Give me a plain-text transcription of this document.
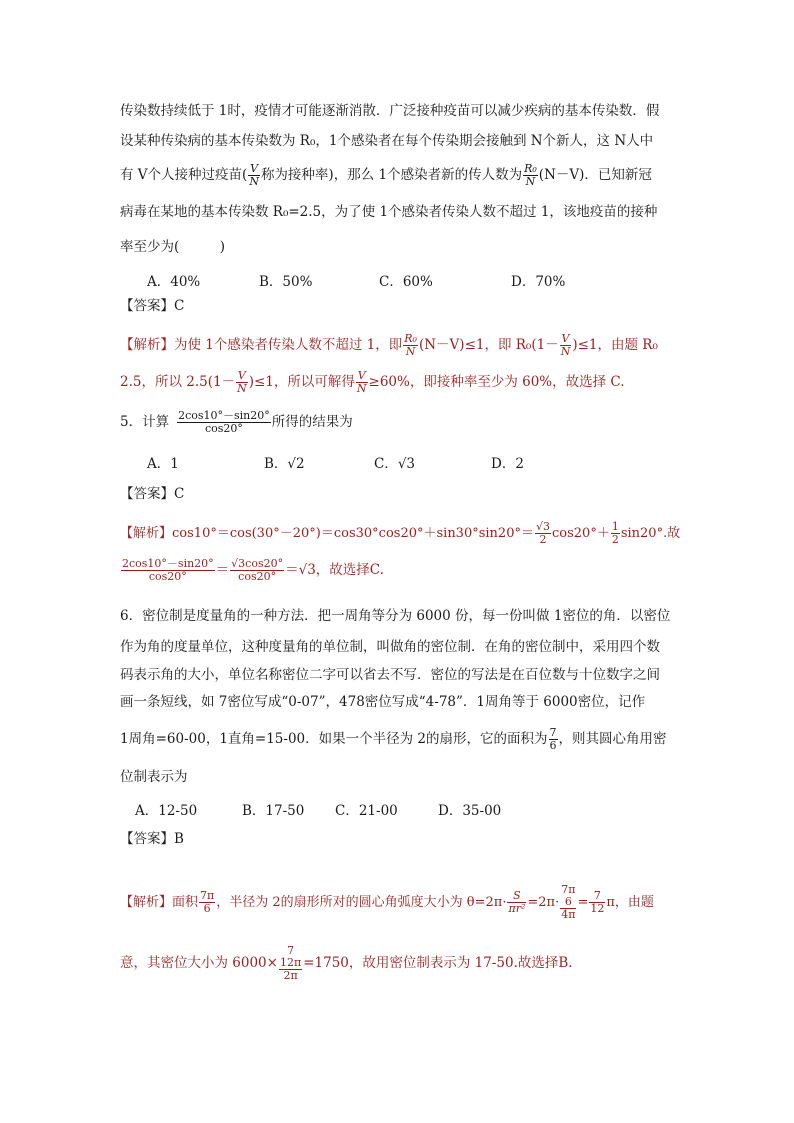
传染数持续低于 1时，疫情才可能逐渐消散．广泛接种疫苗可以减少疾病的基本传染数．假
设某种传染病的基本传染数为 R₀，1个感染者在每个传染期会接触到 N个新人，这 N人中
有 V个人接种过疫苗( $\frac{V}{N}$ 称为接种率)，那么 1个感染者新的传人数为 $\frac{\text{R₀}}{N} (N-V)$．已知新冠
病毒在某地的基本传染数 R₀=2.5，为了使 1个感染者传染人数不超过 1，该地疫苗的接种
率至少为(　　　)
A．40%	B．50%	C．60%	D．70%
【答案】C
【解析】为使 1个感染者传染人数不超过 1，即 $\frac{\text{R₀}}{N} (N-V)\le 1$，即 $R_0(1- \frac{V}{N} )\le 1$，由题 R₀
2.5，所以 $2.5(1- \frac{V}{N} )\le 1$，所以可解得 $\frac{V}{N} \ge 60\%$，即接种率至少为 60%，故选择 C.
5．计算 $\frac{2\cos 10^\circ-\sin 20^\circ}{\cos 20^\circ}$ 所得的结果为
A．1	B．√2	C．√3	D．2
【答案】C
【解析】$\cos 10^\circ=\cos(30^\circ-20^\circ)=\cos 30^\circ\cos 20^\circ+\sin 30^\circ\sin 20^\circ= \frac{√3}{2} \cos 20^\circ+ \frac{1}{2} \sin 20^\circ$.故
$\frac{2\cos 10^\circ-\sin 20^\circ}{\cos 20^\circ} = \frac{√3\cos 20^\circ}{\cos 20^\circ} =√3$，故选择C.
6．密位制是度量角的一种方法．把一周角等分为 6000 份，每一份叫做 1密位的角．以密位
作为角的度量单位，这种度量角的单位制，叫做角的密位制．在角的密位制中，采用四个数
码表示角的大小，单位名称密位二字可以省去不写．密位的写法是在百位数与十位数字之间
画一条短线，如 7密位写成“0-07”，478密位写成“4-78”．1周角等于 6000密位，记作
1周角=60-00，1直角=15-00．如果一个半径为 2的扇形，它的面积为 $\frac{7}{6}$ ，则其圆心角用密
位制表示为
A．12-50	B．17-50 C．21-00	D．35-00
【答案】B
【解析】面积 $\frac{7\pi}{6}$ ，半径为 2的扇形所对的圆心角弧度大小为 $\theta=2\pi\cdot \frac{S}{\text{πr²}} =2\pi\cdot 7\pi$
6
$4\pi = \frac{7}{12}$ π，由题
意，其密位大小为 6000× 7
12π
2π =1750，故用密位制表示为 17-50.故选择B.
